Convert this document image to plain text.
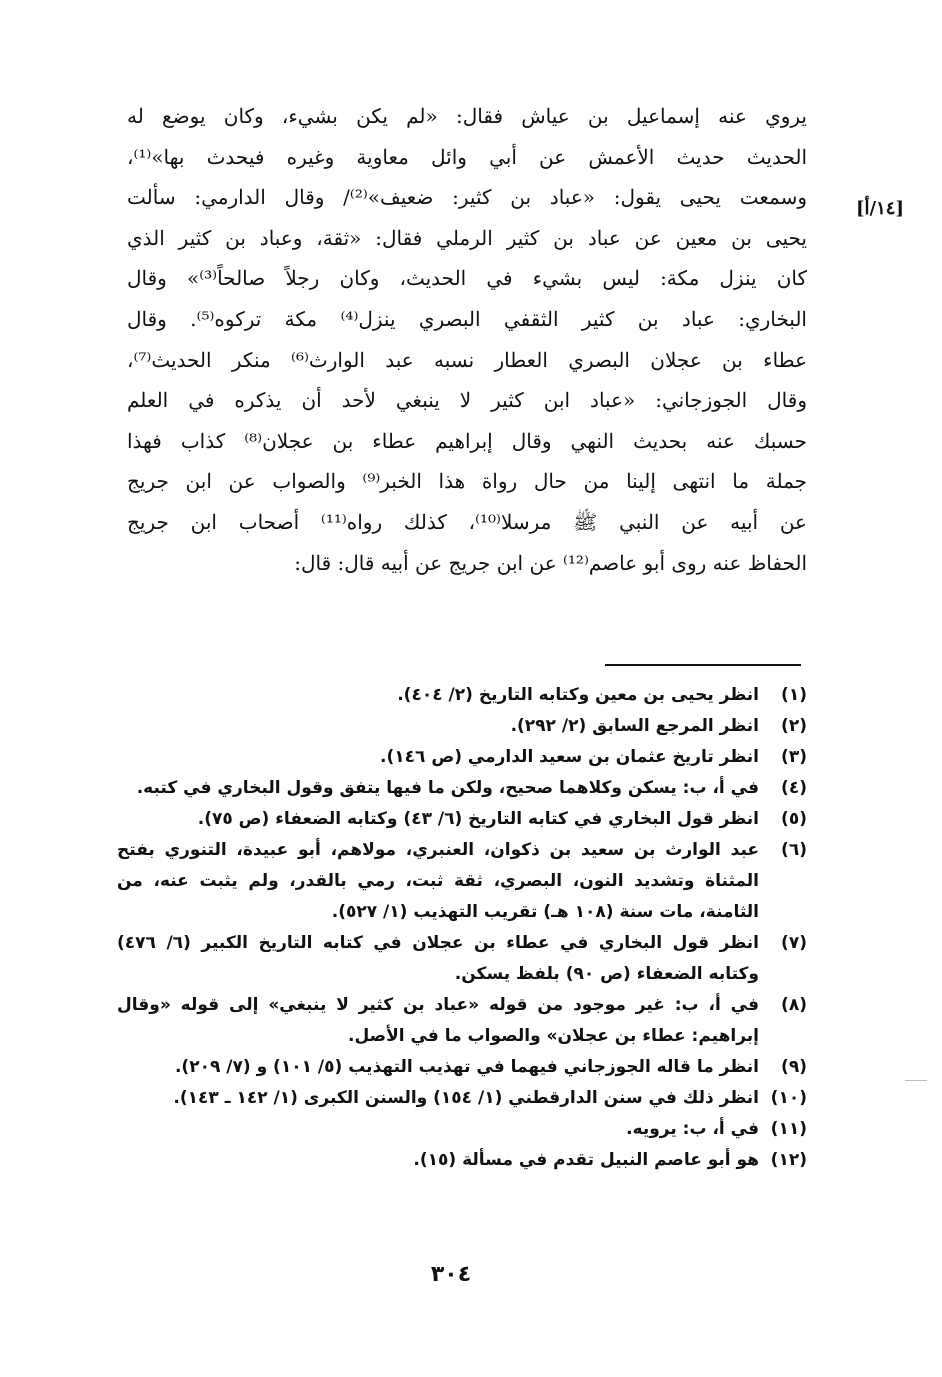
[١٤/أ]
يروي عنه إسماعيل بن عياش فقال: «لم يكن بشيء، وكان يوضع له
الحديث حديث الأعمش عن أبي وائل معاوية وغيره فيحدث بها»⁽¹⁾،
وسمعت يحيى يقول: «عباد بن كثير: ضعيف»⁽²⁾/ وقال الدارمي: سألت
يحيى بن معين عن عباد بن كثير الرملي فقال: «ثقة، وعباد بن كثير الذي
كان ينزل مكة: ليس بشيء في الحديث، وكان رجلاً صالحاً⁽³⁾» وقال
البخاري: عباد بن كثير الثقفي البصري ينزل⁽⁴⁾ مكة تركوه⁽⁵⁾. وقال
عطاء بن عجلان البصري العطار نسبه عبد الوارث⁽⁶⁾ منكر الحديث⁽⁷⁾،
وقال الجوزجاني: «عباد ابن كثير لا ينبغي لأحد أن يذكره في العلم
حسبك عنه بحديث النهي وقال إبراهيم عطاء بن عجلان⁽⁸⁾ كذاب فهذا
جملة ما انتهى إلينا من حال رواة هذا الخبر⁽⁹⁾ والصواب عن ابن جريج
عن أبيه عن النبي ﷺ مرسلا⁽¹⁰⁾، كذلك رواه⁽¹¹⁾ أصحاب ابن جريج
الحفاظ عنه روى أبو عاصم⁽¹²⁾ عن ابن جريج عن أبيه قال: قال:
(١)
انظر يحيى بن معين وكتابه التاريخ (٢/ ٤٠٤).
(٢)
انظر المرجع السابق (٢/ ٢٩٢).
(٣)
انظر تاريخ عثمان بن سعيد الدارمي (ص ١٤٦).
(٤)
في أ، ب: يسكن وكلاهما صحيح، ولكن ما فيها يتفق وقول البخاري في كتبه.
(٥)
انظر قول البخاري في كتابه التاريخ (٦/ ٤٣) وكتابه الضعفاء (ص ٧٥).
(٦)
عبد الوارث بن سعيد بن ذكوان، العنبري، مولاهم، أبو عبيدة، التنوري بفتح المثناة وتشديد النون، البصري، ثقة ثبت، رمي بالقدر، ولم يثبت عنه، من الثامنة، مات سنة (١٠٨ هـ) تقريب التهذيب (١/ ٥٢٧).
(٧)
انظر قول البخاري في عطاء بن عجلان في كتابه التاريخ الكبير (٦/ ٤٧٦) وكتابه الضعفاء (ص ٩٠) بلفظ يسكن.
(٨)
في أ، ب: غير موجود من قوله «عباد بن كثير لا ينبغي» إلى قوله «وقال إبراهيم: عطاء بن عجلان» والصواب ما في الأصل.
(٩)
انظر ما قاله الجوزجاني فيهما في تهذيب التهذيب (٥/ ١٠١) و (٧/ ٢٠٩).
(١٠)
انظر ذلك في سنن الدارقطني (١/ ١٥٤) والسنن الكبرى (١/ ١٤٢ ـ ١٤٣).
(١١)
في أ، ب: يرويه.
(١٢)
هو أبو عاصم النبيل تقدم في مسألة (١٥).
٣٠٤
